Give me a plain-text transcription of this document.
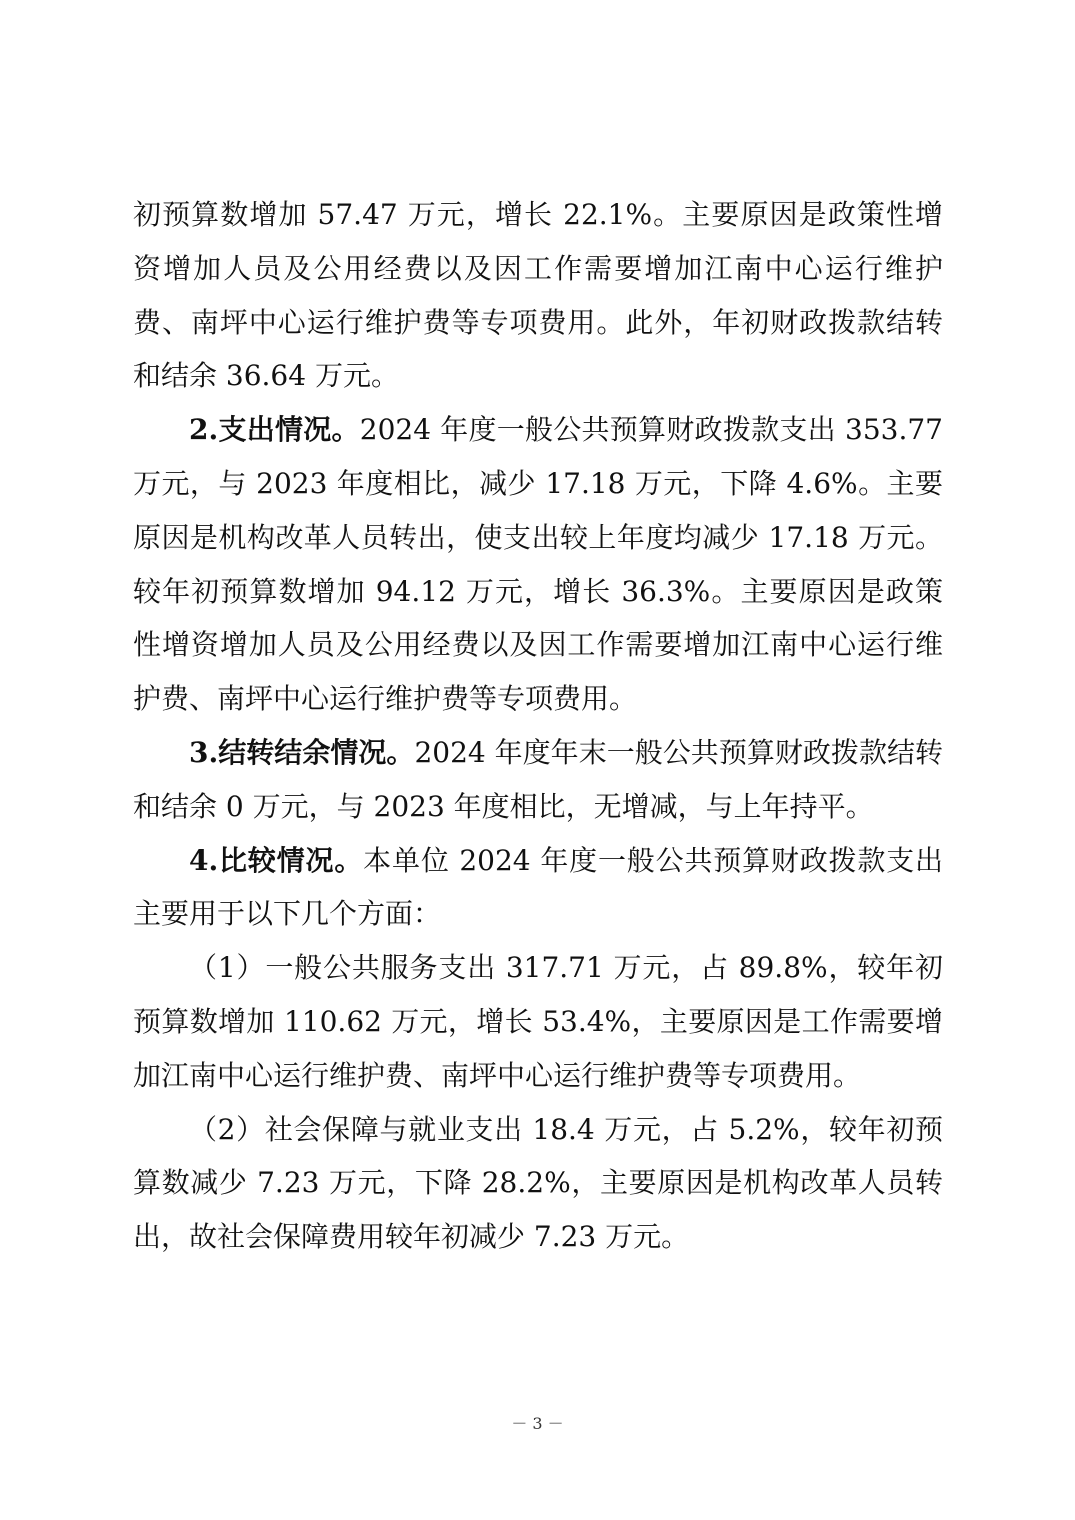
初预算数增加 57.47 万元，增长 22.1%。主要原因是政策性增资增加人员及公用经费以及因工作需要增加江南中心运行维护费、南坪中心运行维护费等专项费用。此外，年初财政拨款结转和结余 36.64 万元。

2.支出情况。2024 年度一般公共预算财政拨款支出 353.77 万元，与 2023 年度相比，减少 17.18 万元，下降 4.6%。主要原因是机构改革人员转出，使支出较上年度均减少 17.18 万元。较年初预算数增加 94.12 万元，增长 36.3%。主要原因是政策性增资增加人员及公用经费以及因工作需要增加江南中心运行维护费、南坪中心运行维护费等专项费用。

3.结转结余情况。2024 年度年末一般公共预算财政拨款结转和结余 0 万元，与 2023 年度相比，无增减，与上年持平。

4.比较情况。本单位 2024 年度一般公共预算财政拨款支出主要用于以下几个方面：

（1）一般公共服务支出 317.71 万元，占 89.8%，较年初预算数增加 110.62 万元，增长 53.4%，主要原因是工作需要增加江南中心运行维护费、南坪中心运行维护费等专项费用。

（2）社会保障与就业支出 18.4 万元，占 5.2%，较年初预算数减少 7.23 万元，下降 28.2%，主要原因是机构改革人员转出，故社会保障费用较年初减少 7.23 万元。

－ 3 －
